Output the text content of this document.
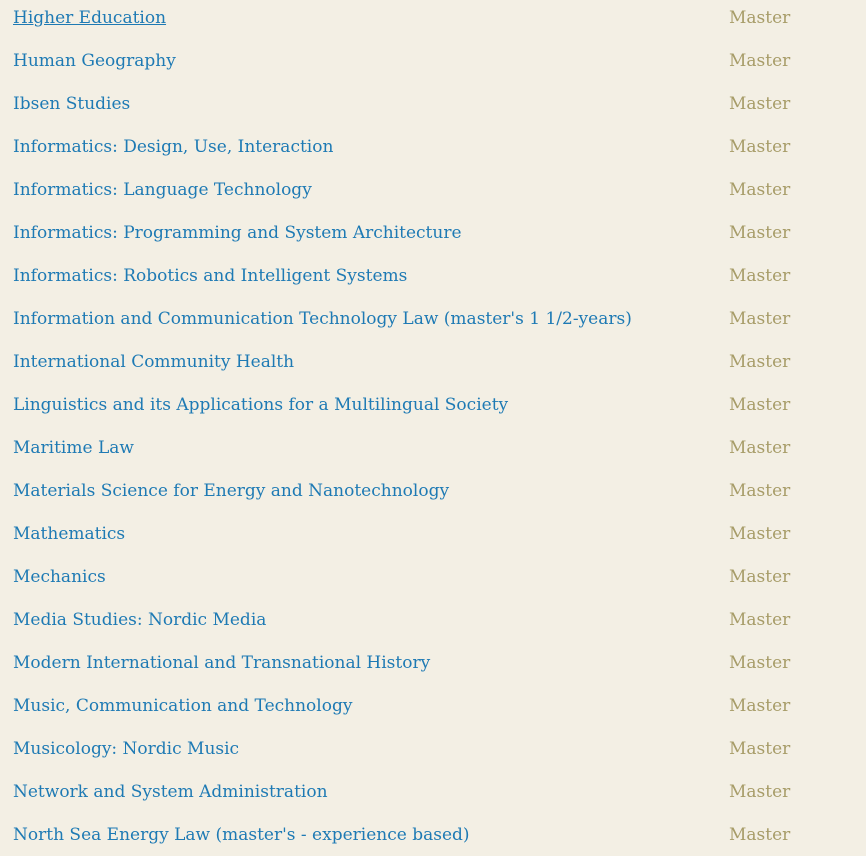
Higher Education	Master
Human Geography	Master
Ibsen Studies	Master
Informatics: Design, Use, Interaction	Master
Informatics: Language Technology	Master
Informatics: Programming and System Architecture	Master
Informatics: Robotics and Intelligent Systems	Master
Information and Communication Technology Law (master's 1 1/2-years)	Master
International Community Health	Master
Linguistics and its Applications for a Multilingual Society	Master
Maritime Law	Master
Materials Science for Energy and Nanotechnology	Master
Mathematics	Master
Mechanics	Master
Media Studies: Nordic Media	Master
Modern International and Transnational History	Master
Music, Communication and Technology	Master
Musicology: Nordic Music	Master
Network and System Administration	Master
North Sea Energy Law (master's - experience based)	Master
